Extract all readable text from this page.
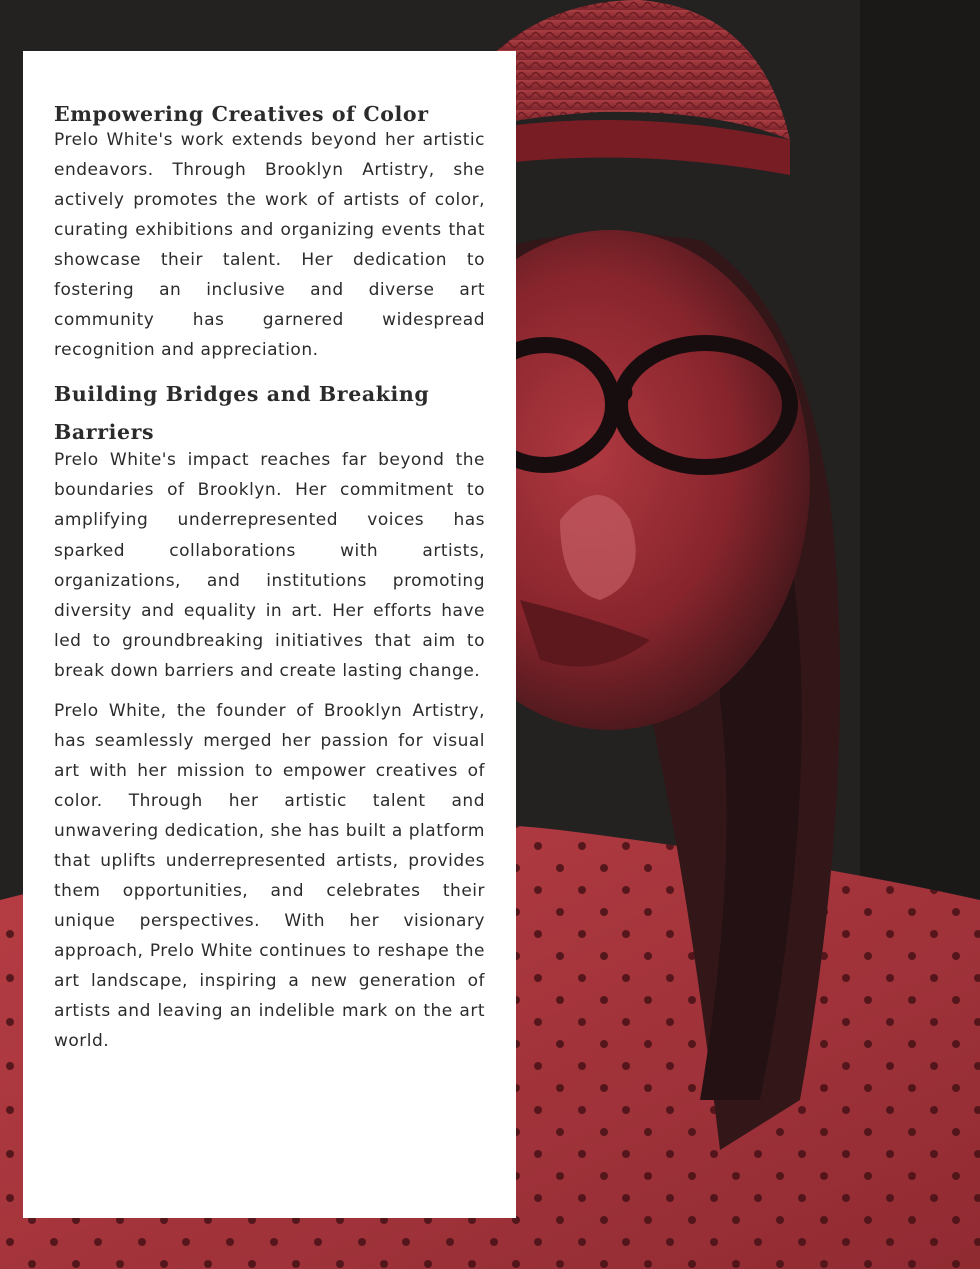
Empowering Creatives of Color

Prelo White's work extends beyond her artistic endeavors. Through Brooklyn Artistry, she actively promotes the work of artists of color, curating exhibitions and organizing events that showcase their talent. Her dedication to fostering an inclusive and diverse art community has garnered widespread recognition and appreciation.

Building Bridges and Breaking Barriers

Prelo White's impact reaches far beyond the boundaries of Brooklyn. Her commitment to amplifying underrepresented voices has sparked collaborations with artists, organizations, and institutions promoting diversity and equality in art. Her efforts have led to groundbreaking initiatives that aim to break down barriers and create lasting change.

Prelo White, the founder of Brooklyn Artistry, has seamlessly merged her passion for visual art with her mission to empower creatives of color. Through her artistic talent and unwavering dedication, she has built a platform that uplifts underrepresented artists, provides them opportunities, and celebrates their unique perspectives. With her visionary approach, Prelo White continues to reshape the art landscape, inspiring a new generation of artists and leaving an indelible mark on the art world.
